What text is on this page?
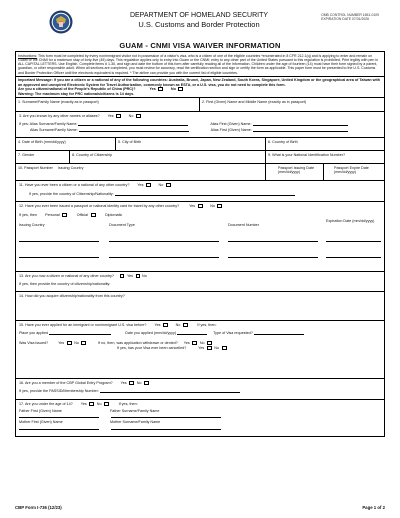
DEPARTMENT OF HOMELAND SECURITY
U.S. Customs and Border Protection
OMB CONTROL NUMBER 1651-0109
EXPIRATION DATE 07/31/2026
GUAM - CNMI VISA WAIVER INFORMATION
Instructions: This form must be completed by every nonimmigrant visitor not in possession of a visitor's visa, who is a citizen of one of the eligible countries *enumerated in 8 CFR 212.1(q) and is applying to enter and remain on Guam or the CNMI for a maximum stay of forty-five (45) days. This regulation applies only to entry into Guam or the CNMI; entry to any other part of the United States pursuant to this regulation is prohibited. Print legibly with pen in ALL CAPITAL LETTERS. Use English. Complete items # 1-30, and sign and date the bottom of this form after carefully reading all of the information. Children under the age of fourteen (14) must have their form signed by a parent, guardian, or other responsible adult. When all sections are completed, you must review for accuracy, read the certification section and sign or certify the form as applicable. This paper form must be presented to the U.S. Customs and Border Protection Officer until the electronic equivalent is required. * The airline can provide you with the current list of eligible countries.
Important Message: If you are a citizen or a national of any of the following countries: Australia, Brunei, Japan, New Zealand, South Korea, Singapore, United Kingdom or the geographical area of Taiwan with an approved and unexpired Electronic System for Travel Authorization, commonly known as ESTA, or a U.S. visa, you do not need to complete this form.
Are you a citizen/national of the People's Republic of China (PRC)?	Yes	No
Warning: The maximum stay for PRC nationals/citizens is 14 days.
1. Surname/Family Name (exactly as in passport)	2. First (Given) Name and Middle Name (exactly as in passport)
3. Are you known by any other names or aliases? Yes	No
If yes: Alias Surname/Family Name:	Alias First (Given) Name:
Alias Surname/Family Name:	Alias First (Given) Name:
4. Date of Birth (mm/dd/yyyy)	5. City of Birth	6. Country of Birth
7. Gender	8. Country of Citizenship	9. What is your National Identification Number?
10. Passport Number Issuing Country	Passport Issuing Date (mm/dd/yyyy)
Passport Expire Date (mm/dd/yyyy)
11. Have you ever been a citizen or a national of any other country? Yes	No
If yes, provide the country of Citizenship/Nationality:
12. Have you ever been issued a passport or national identity card for travel by any other country?	Yes	No
If yes, then Personal	Official	Diplomatic
Issuing Country	Document Type	Document Number
Expiration Date (mm/dd/yyyy)
13. Are you now a citizen or national of any other country?	Yes No
If yes, then provide the country of citizenship/nationality:
14. How did you acquire citizenship/nationality from this country?
15. Have you ever applied for an immigrant or nonimmigrant U.S. visa before? Yes	No	If yes, then:
Place you applied	Date you applied (mm/dd/yyyy)	Type of Visa requested?
Was Visa issued?	Yes	No	If no, then, was application withdrawn or denied? Yes	No
If yes, has your Visa ever been cancelled?	Yes	No
16. Are you a member of the CBP Global Entry Program? Yes	No
If yes, provide the PASSID/Membership Number:
17. Are you under the age of 14? Yes	No	If yes, then:
Father First (Given) Name	Father Surname/Family Name

Mother First (Given) Name	Mother Surname/Family Name

CBP Form I-736 (12/23)	Page 1 of 2
